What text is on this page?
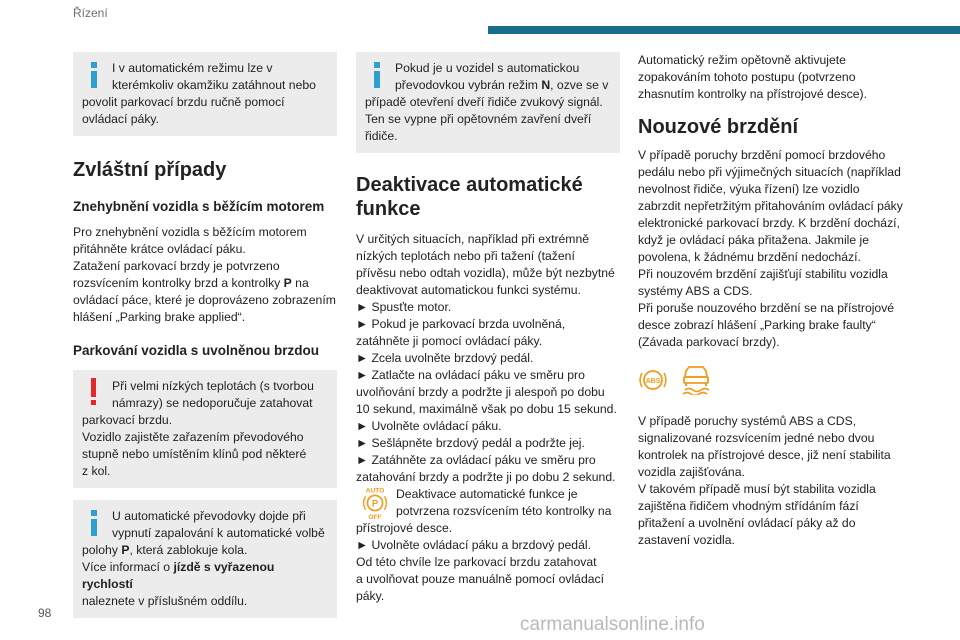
Řízení

I v automatickém režimu lze v

kterémkoliv okamžiku zatáhnout nebo

povolit parkovací brzdu ručně pomocí

ovládací páky.

Zvláštní případy
Znehybnění vozidla s běžícím motorem

Pro znehybnění vozidla s běžícím motorem

přitáhněte krátce ovládací páku.

Zatažení parkovací brzdy je potvrzeno

rozsvícením kontrolky brzd a kontrolky P na

ovládací páce, které je doprovázeno zobrazením

hlášení „Parking brake applied“.

Parkování vozidla s uvolněnou brzdou

Při velmi nízkých teplotách (s tvorbou

námrazy) se nedoporučuje zatahovat

parkovací brzdu.

Vozidlo zajistěte zařazením převodového

stupně nebo umístěním klínů pod některé

z kol.

U automatické převodovky dojde při

vypnutí zapalování k automatické volbě

polohy P, která zablokuje kola.

Více informací o jízdě s vyřazenou rychlostí

naleznete v příslušném oddílu.

Pokud je u vozidel s automatickou

převodovkou vybrán režim N, ozve se v

případě otevření dveří řidiče zvukový signál.

Ten se vypne při opětovném zavření dveří

řidiče.

Deaktivace automatické
funkce

V určitých situacích, například při extrémně

nízkých teplotách nebo při tažení (tažení

přívěsu nebo odtah vozidla), může být nezbytné

deaktivovat automatickou funkci systému.

► Spusťte motor.

► Pokud je parkovací brzda uvolněná,

zatáhněte ji pomocí ovládací páky.

► Zcela uvolněte brzdový pedál.

► Zatlačte na ovládací páku ve směru pro

uvolňování brzdy a podržte ji alespoň po dobu

10 sekund, maximálně však po dobu 15 sekund.

► Uvolněte ovládací páku.

► Sešlápněte brzdový pedál a podržte jej.

► Zatáhněte za ovládací páku ve směru pro

zatahování brzdy a podržte ji po dobu 2 sekund.

AUTO
P
OFF

Deaktivace automatické funkce je

potvrzena rozsvícením této kontrolky na

přístrojové desce.

► Uvolněte ovládací páku a brzdový pedál.

Od této chvíle lze parkovací brzdu zatahovat

a uvolňovat pouze manuálně pomocí ovládací

páky.

Automatický režim opětovně aktivujete

zopakováním tohoto postupu (potvrzeno

zhasnutím kontrolky na přístrojové desce).

Nouzové brzdění

V případě poruchy brzdění pomocí brzdového

pedálu nebo při výjimečných situacích (například

nevolnost řidiče, výuka řízení) lze vozidlo

zabrzdit nepřetržitým přitahováním ovládací páky

elektronické parkovací brzdy. K brzdění dochází,

když je ovládací páka přitažena. Jakmile je

povolena, k žádnému brzdění nedochází.

Při nouzovém brzdění zajišťují stabilitu vozidla

systémy ABS a CDS.

Při poruše nouzového brzdění se na přístrojové

desce zobrazí hlášení „Parking brake faulty“

(Závada parkovací brzdy).

ABS

V případě poruchy systémů ABS a CDS,

signalizované rozsvícením jedné nebo dvou

kontrolek na přístrojové desce, již není stabilita

vozidla zajišťována.

V takovém případě musí být stabilita vozidla

zajištěna řidičem vhodným střídáním fází

přitažení a uvolnění ovládací páky až do

zastavení vozidla.

98
carmanualsonline.info
